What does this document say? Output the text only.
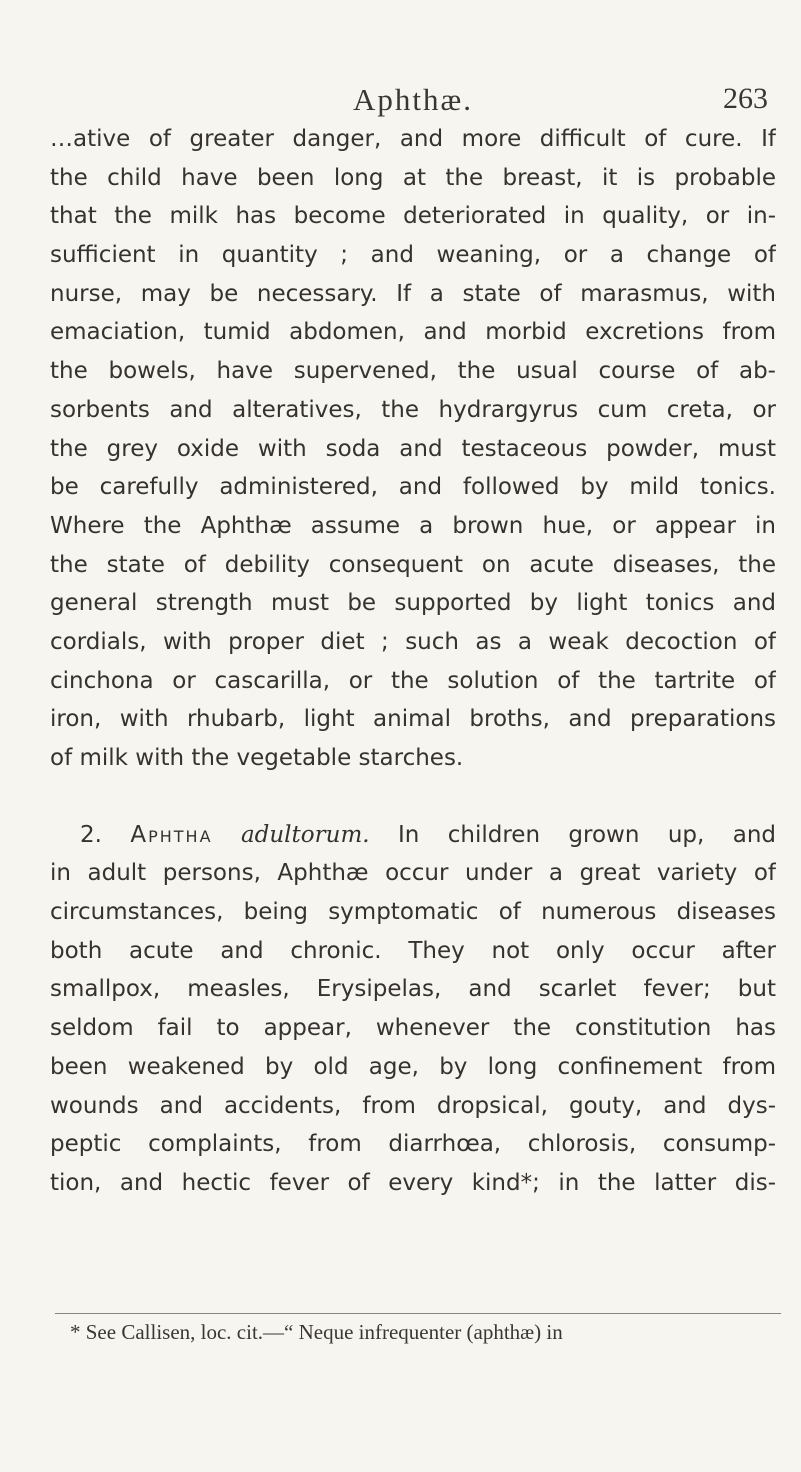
Aphthæ.	263
…ative of greater danger, and more difficult of cure. If
the child have been long at the breast, it is probable
that the milk has become deteriorated in quality, or in-
sufficient in quantity ; and weaning, or a change of
nurse, may be necessary. If a state of marasmus, with
emaciation, tumid abdomen, and morbid excretions from
the bowels, have supervened, the usual course of ab-
sorbents and alteratives, the hydrargyrus cum creta, or
the grey oxide with soda and testaceous powder, must
be carefully administered, and followed by mild tonics.
Where the Aphthæ assume a brown hue, or appear in
the state of debility consequent on acute diseases, the
general strength must be supported by light tonics and
cordials, with proper diet ; such as a weak decoction of
cinchona or cascarilla, or the solution of the tartrite of
iron, with rhubarb, light animal broths, and preparations
of milk with the vegetable starches.
2. Aphtha adultorum. In children grown up, and
in adult persons, Aphthæ occur under a great variety of
circumstances, being symptomatic of numerous diseases
both acute and chronic. They not only occur after
smallpox, measles, Erysipelas, and scarlet fever; but
seldom fail to appear, whenever the constitution has
been weakened by old age, by long confinement from
wounds and accidents, from dropsical, gouty, and dys-
peptic complaints, from diarrhœa, chlorosis, consump-
tion, and hectic fever of every kind*; in the latter dis-
* See Callisen, loc. cit.—“ Neque infrequenter (aphthæ) in
